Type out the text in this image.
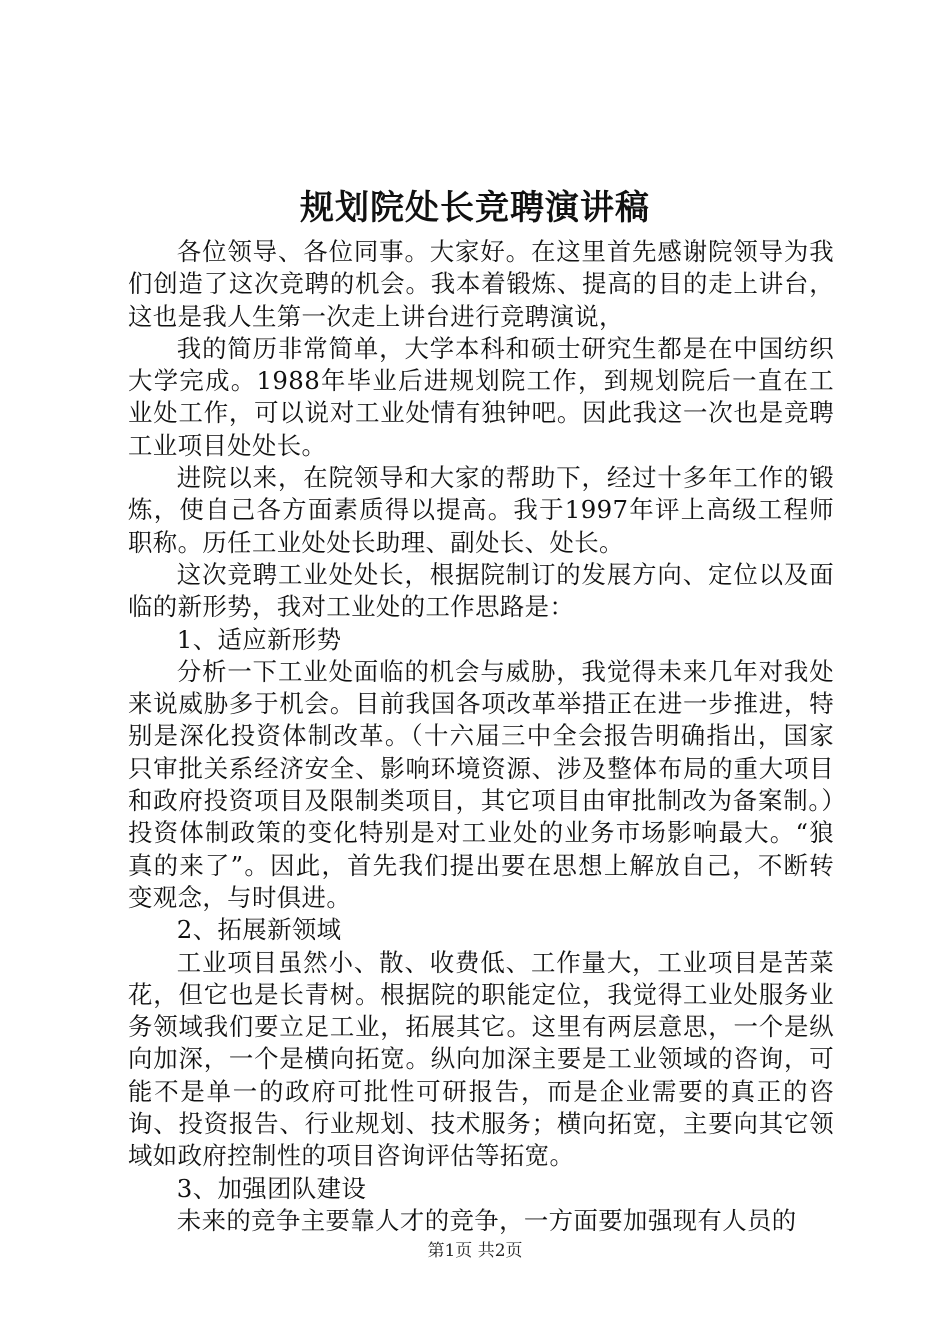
规划院处长竞聘演讲稿

各位领导、各位同事。大家好。在这里首先感谢院领导为我们创造了这次竞聘的机会。我本着锻炼、提高的目的走上讲台，这也是我人生第一次走上讲台进行竞聘演说，

我的简历非常简单，大学本科和硕士研究生都是在中国纺织大学完成。1988年毕业后进规划院工作，到规划院后一直在工业处工作，可以说对工业处情有独钟吧。因此我这一次也是竞聘工业项目处处长。

进院以来，在院领导和大家的帮助下，经过十多年工作的锻炼，使自己各方面素质得以提高。我于1997年评上高级工程师职称。历任工业处处长助理、副处长、处长。

这次竞聘工业处处长，根据院制订的发展方向、定位以及面临的新形势，我对工业处的工作思路是：

1、适应新形势

分析一下工业处面临的机会与威胁，我觉得未来几年对我处来说威胁多于机会。目前我国各项改革举措正在进一步推进，特别是深化投资体制改革。（十六届三中全会报告明确指出，国家只审批关系经济安全、影响环境资源、涉及整体布局的重大项目和政府投资项目及限制类项目，其它项目由审批制改为备案制。）投资体制政策的变化特别是对工业处的业务市场影响最大。“狼真的来了”。因此，首先我们提出要在思想上解放自己，不断转变观念，与时俱进。

2、拓展新领域

工业项目虽然小、散、收费低、工作量大，工业项目是苦菜花，但它也是长青树。根据院的职能定位，我觉得工业处服务业务领域我们要立足工业，拓展其它。这里有两层意思，一个是纵向加深，一个是横向拓宽。纵向加深主要是工业领域的咨询，可能不是单一的政府可批性可研报告，而是企业需要的真正的咨询、投资报告、行业规划、技术服务；横向拓宽，主要向其它领域如政府控制性的项目咨询评估等拓宽。

3、加强团队建设

未来的竞争主要靠人才的竞争，一方面要加强现有人员的

第1页 共2页
